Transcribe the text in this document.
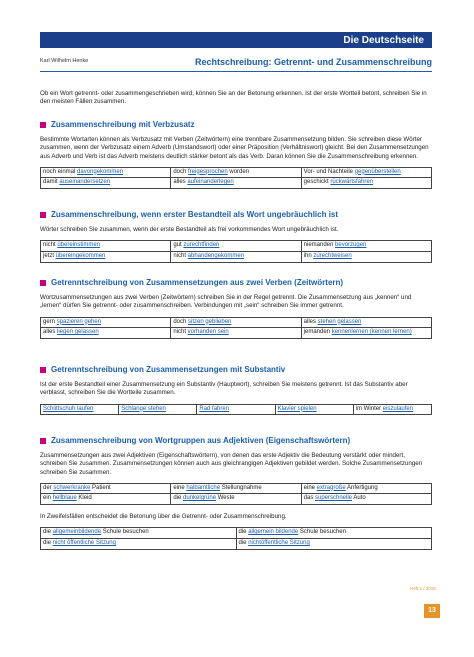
Die Deutschseite
Karl Wilhelm Henke	Rechtschreibung: Getrennt- und Zusammenschreibung
Ob ein Wort getrennt- oder zusammengeschrieben wird, können Sie an der Betonung erkennen. Ist der erste Wortteil betont, schreiben Sie in den meisten Fällen zusammen.
Zusammenschreibung mit Verbzusatz
Bestimmte Wortarten können als Verbzusatz mit Verben (Zeitwörtern) eine trennbare Zusammensetzung bilden. Sie schreiben diese Wörter zusammen, wenn der Verbzusatz einem Adverb (Umstandswort) oder einer Präposition (Verhältniswort) gleicht. Bei den Zusammensetzungen aus Adverb und Verb ist das Adverb meistens deutlich stärker betont als das Verb. Daran können Sie die Zusammenschreibung erkennen.
noch einmal davongekommen	doch freigesprochen worden	Vor- und Nachteile gegenüberstellen
damit auseinandersetzen	alles aufeinanderlegen	geschickt rückwärtsfahren
Zusammenschreibung, wenn erster Bestandteil als Wort ungebräuchlich ist
Wörter schreiben Sie zusammen, wenn der erste Bestandteil als frei vorkommendes Wort ungebräuchlich ist.
nicht übereinstimmen	gut zurechtfinden	niemanden bevorzugen
jetzt übereingekommen	nicht abhandengekommen	ihn zurechtweisen
Getrenntschreibung von Zusammensetzungen aus zwei Verben (Zeitwörtern)
Wortzusammensetzungen aus zwei Verben (Zeitwörtern) schreiben Sie in der Regel getrennt. Die Zusammensetzung aus „kennen“ und „lernen“ dürfen Sie getrennt- oder zusammenschreiben. Verbindungen mit „sein“ schreiben Sie immer getrennt.
gern spazieren gehen	doch sitzen geblieben	alles stehen gelassen
alles liegen gelassen	nicht vorhanden sein	jemanden kennenlernen (kennen lernen)
Getrenntschreibung von Zusammensetzungen mit Substantiv
Ist der erste Bestandteil einer Zusammensetzung ein Substantiv (Hauptwort), schreiben Sie meistens getrennt. Ist das Substantiv aber verblasst, schreiben Sie die Wortteile zusammen.
Schlittschuh laufen	Schlange stehen	Rad fahren	Klavier spielen	im Winter eiszulaufen
Zusammenschreibung von Wortgruppen aus Adjektiven (Eigenschaftswörtern)
Zusammensetzungen aus zwei Adjektiven (Eigenschaftswörtern), von denen das erste Adjektiv die Bedeutung verstärkt oder mindert, schreiben Sie zusammen. Zusammensetzungen können auch aus gleichrangigen Adjektiven gebildet werden. Solche Zusammensetzungen schreiben Sie zusammen.
der schwerkranke Patient	eine halbamtliche Stellungnahme	eine extragroße Anfertigung
ein hellblaue Kleid	die dunkelgrüne Weste	das superschnelle Auto
In Zweifelsfällen entscheidet die Betonung über die Getrennt- oder Zusammenschreibung.
die allgemeinbildende Schule besuchen	die allgemein bildende Schule besuchen
die nicht öffentliche Sitzung	die nichtöffentliche Sitzung
Heft 1 / 2018
13
